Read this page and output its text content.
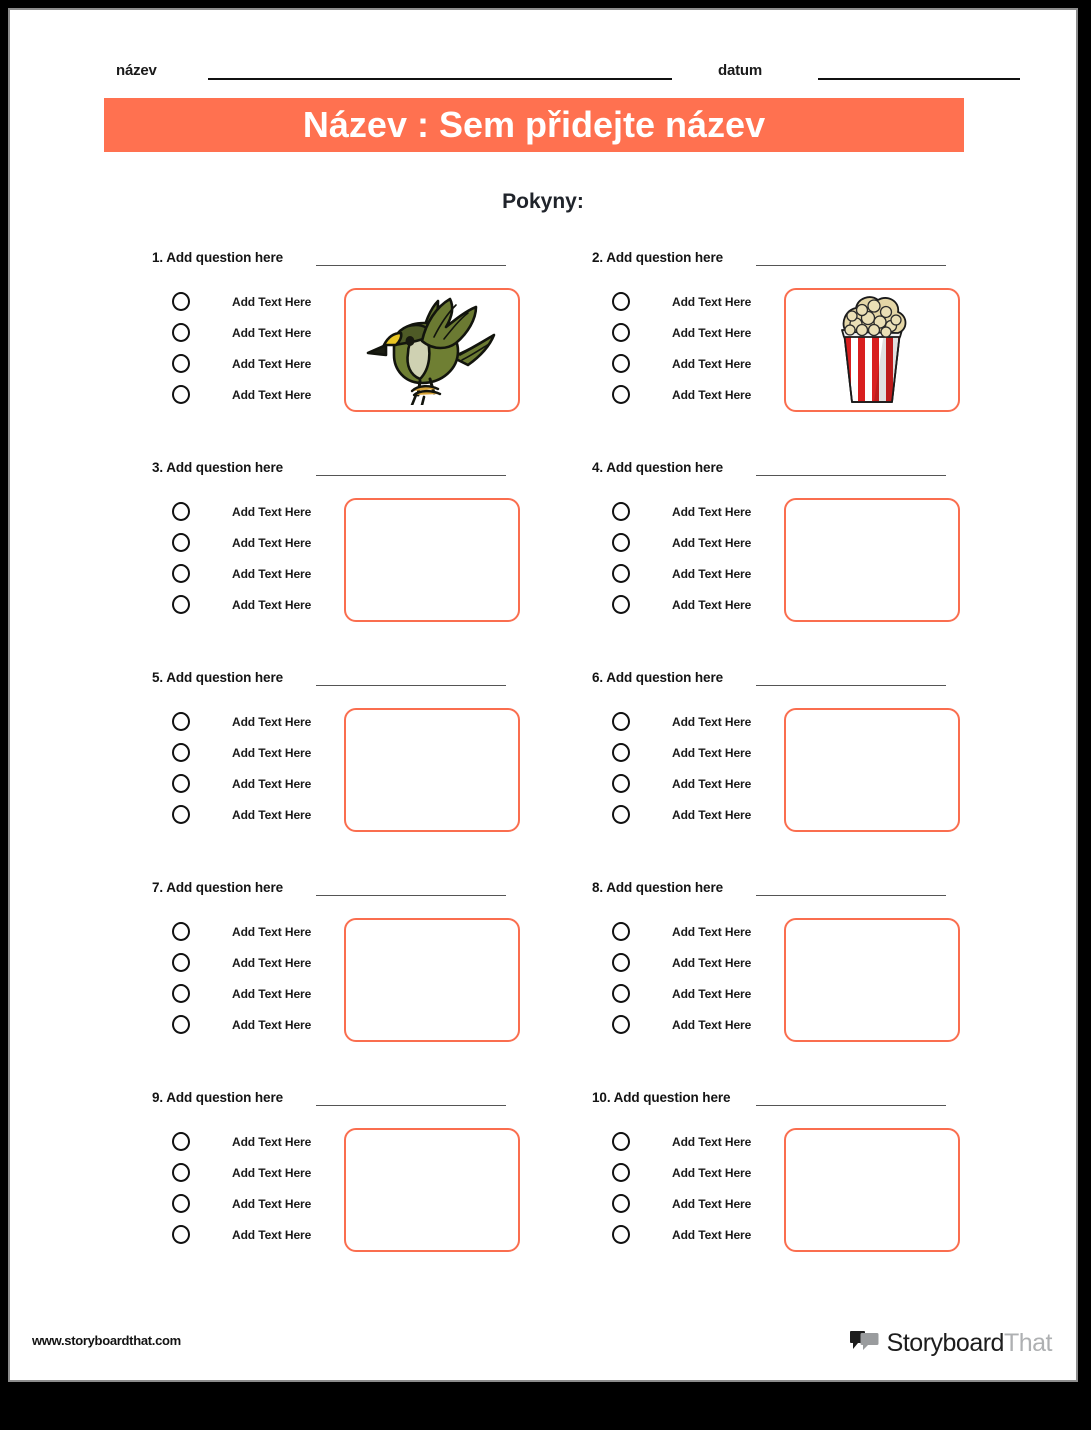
název	datum
Název : Sem přidejte název
Pokyny:
1. Add question here
Add Text Here
Add Text Here
Add Text Here
Add Text Here
2. Add question here
Add Text Here
Add Text Here
Add Text Here
Add Text Here
3. Add question here
Add Text Here
Add Text Here
Add Text Here
Add Text Here
4. Add question here
Add Text Here
Add Text Here
Add Text Here
Add Text Here
5. Add question here
Add Text Here
Add Text Here
Add Text Here
Add Text Here
6. Add question here
Add Text Here
Add Text Here
Add Text Here
Add Text Here
7. Add question here
Add Text Here
Add Text Here
Add Text Here
Add Text Here
8. Add question here
Add Text Here
Add Text Here
Add Text Here
Add Text Here
9. Add question here
Add Text Here
Add Text Here
Add Text Here
Add Text Here
10. Add question here
Add Text Here
Add Text Here
Add Text Here
Add Text Here
www.storyboardthat.com	StoryboardThat
